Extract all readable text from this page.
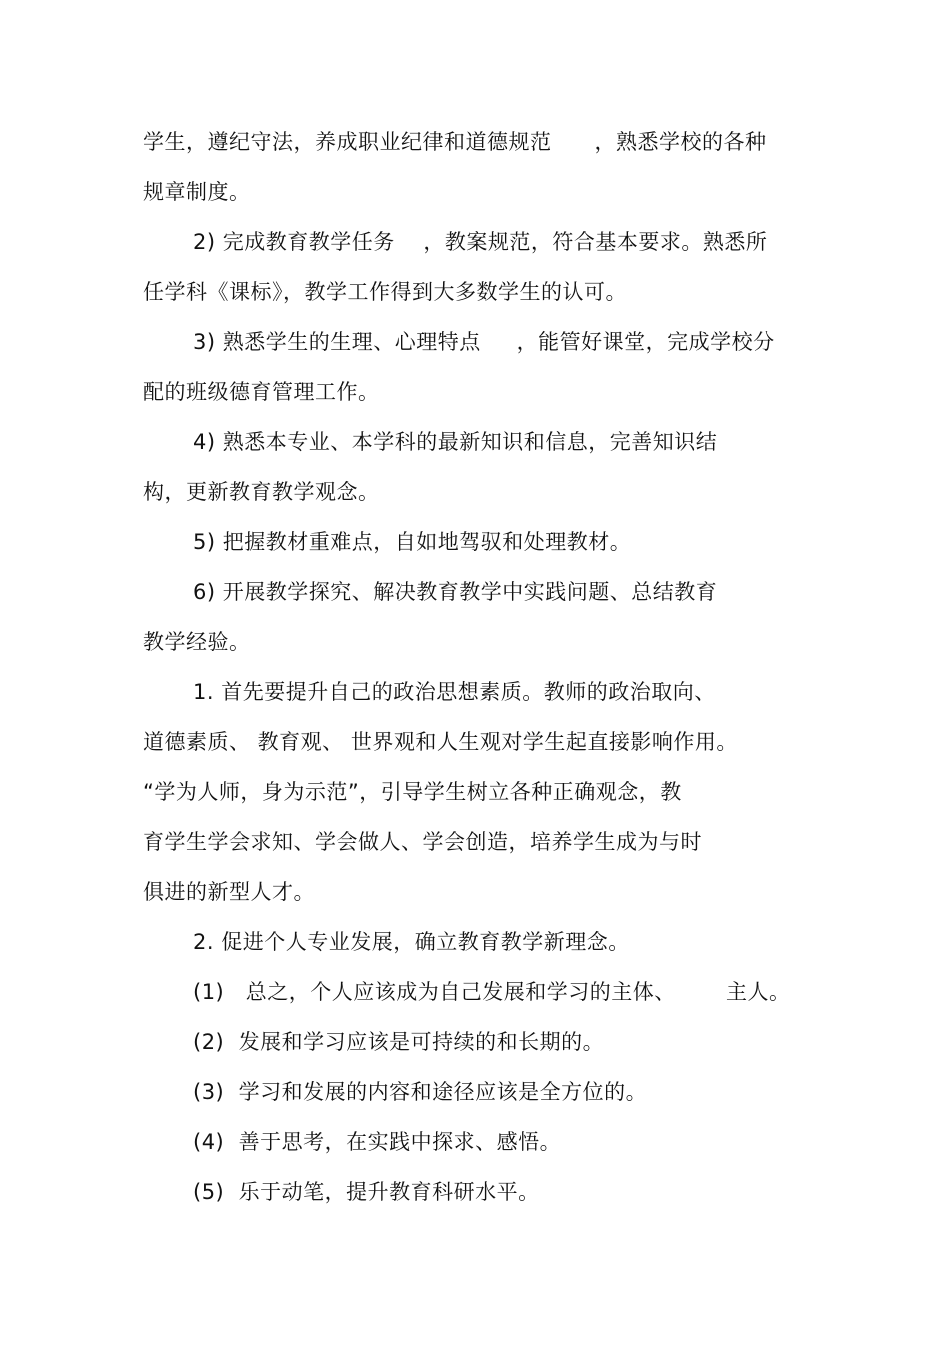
学生，遵纪守法，养成职业纪律和道德规范      ，熟悉学校的各种
规章制度。
2) 完成教育教学任务    ，教案规范，符合基本要求。熟悉所
任学科《课标》，教学工作得到大多数学生的认可。
3) 熟悉学生的生理、心理特点     ，能管好课堂，完成学校分
配的班级德育管理工作。
4) 熟悉本专业、本学科的最新知识和信息，完善知识结
构，更新教育教学观念。
5) 把握教材重难点，自如地驾驭和处理教材。
6) 开展教学探究、解决教育教学中实践问题、总结教育
教学经验。
1. 首先要提升自己的政治思想素质。教师的政治取向、
道德素质、 教育观、 世界观和人生观对学生起直接影响作用。
“学为人师，身为示范”，引导学生树立各种正确观念，教
育学生学会求知、学会做人、学会创造，培养学生成为与时
俱进的新型人才。
2. 促进个人专业发展，确立教育教学新理念。
(1)   总之，个人应该成为自己发展和学习的主体、       主人。
(2)  发展和学习应该是可持续的和长期的。
(3)  学习和发展的内容和途径应该是全方位的。
(4)  善于思考，在实践中探求、感悟。
(5)  乐于动笔，提升教育科研水平。
